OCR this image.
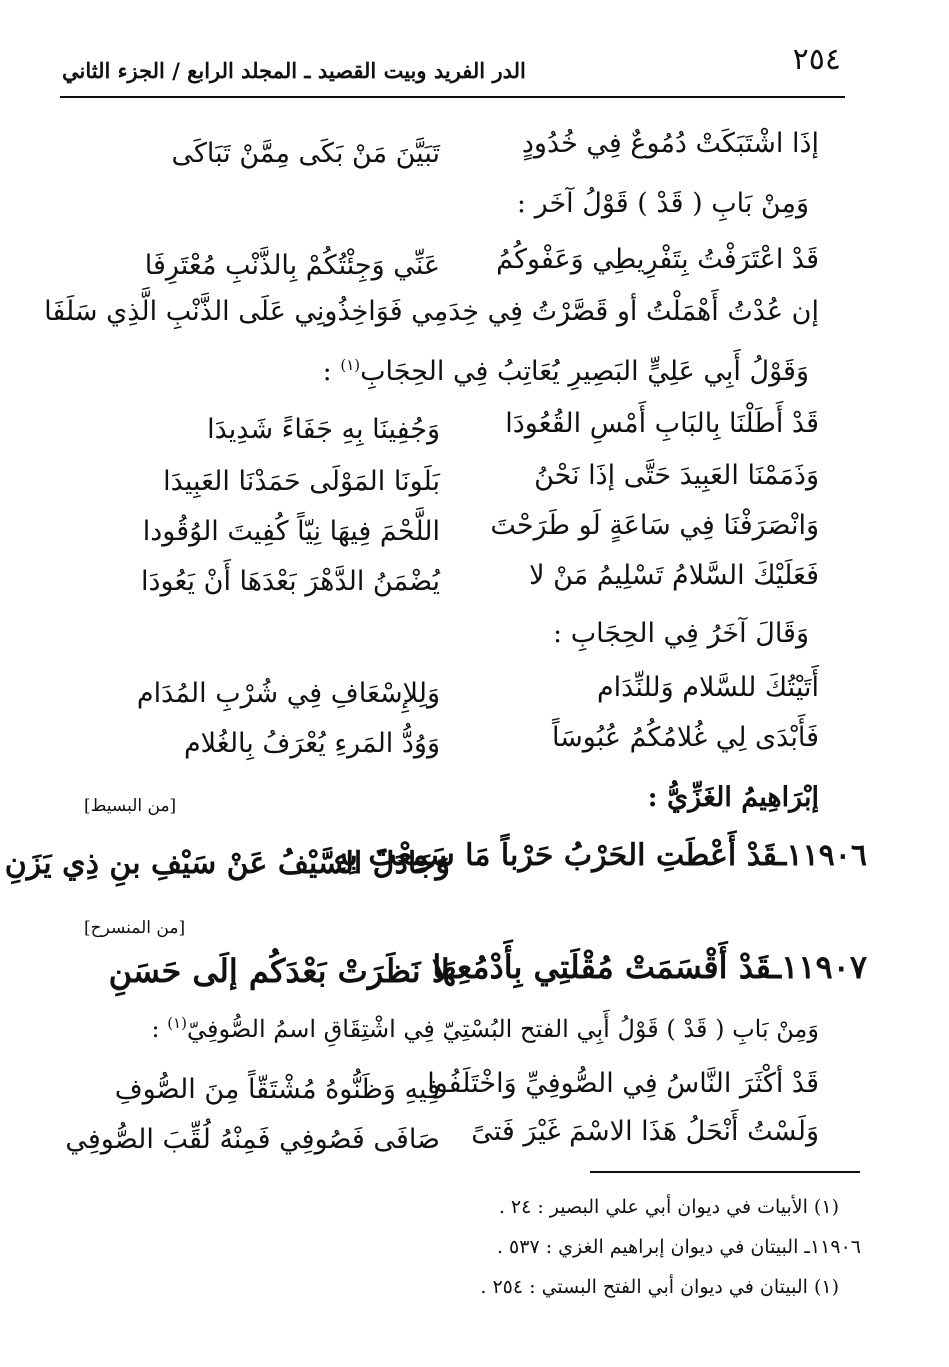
٢٥٤
الدر الفريد وبيت القصيد ـ المجلد الرابع / الجزء الثاني
إذَا اشْتَبَكَتْ دُمُوعٌ فِي خُدُودٍ
تَبَيَّنَ مَنْ بَكَى مِمَّنْ تَبَاكَى
وَمِنْ بَابِ ( قَدْ ) قَوْلُ آخَر :
قَدْ اعْتَرَفْتُ بِتَفْرِيطِي وَعَفْوكُمُ
عَنِّي وَجِئْتُكُمْ بِالذَّنْبِ مُعْتَرِفَا
إن عُدْتُ أَهْمَلْتُ أو قَصَّرْتُ فِي خِدَمِي فَوَاخِذُونِي عَلَى الذَّنْبِ الَّذِي سَلَفَا
وَقَوْلُ أَبِي عَلِيٍّ البَصِيرِ يُعَاتِبُ فِي الحِجَابِ$^{(١)}$ :
قَدْ أَطَلْنَا بِالبَابِ أَمْسِ القُعُودَا
وَجُفِينَا بِهِ جَفَاءً شَدِيدَا
وَذَمَمْنَا العَبِيدَ حَتَّى إذَا نَحْنُ
بَلَونَا المَوْلَى حَمَدْنَا العَبِيدَا
وَانْصَرَفْنَا فِي سَاعَةٍ لَو طَرَحْتَ
اللَّحْمَ فِيهَا نِيّاً كُفِيتَ الوُقُودا
فَعَلَيْكَ السَّلامُ تَسْلِيمُ مَنْ لا
يُضْمَنُ الدَّهْرَ بَعْدَهَا أَنْ يَعُودَا
وَقَالَ آخَرُ فِي الحِجَابِ :
أَتَيْتُكَ للسَّلام وَللنِّدَام
وَلِلإِسْعَافِ فِي شُرْبِ المُدَام
فَأَبْدَى لِي غُلامُكُمُ عُبُوسَاً
وَوُدُّ المَرءِ يُعْرَفُ بِالغُلام
إبْرَاهِيمُ الغَزِّيُّ :
[من البسيط]
١١٩٠٦ـقَدْ أَعْطَتِ الحَرْبُ حَرْباً مَا سَمِعْتَ بِهِ
وَجَادَلَ السَّيْفُ عَنْ سَيْفِ بنِ ذِي يَزَنِ
[من المنسرح]
١١٩٠٧ـقَدْ أَقْسَمَتْ مُقْلَتِي بِأَدْمُعِهَا
لا نَظَرَتْ بَعْدَكُم إلَى حَسَنِ
وَمِنْ بَابِ ( قَدْ ) قَوْلُ أَبِي الفتح البُسْتِيّ فِي اشْتِقَاقِ اسمُ الصُّوفِيّ$^{(١)}$ :
قَدْ أكْثَرَ النَّاسُ فِي الصُّوفِيِّ وَاخْتَلَفُوا
فِيهِ وَظَنُّوهُ مُشْتَقّاً مِنَ الصُّوفِ
وَلَسْتُ أَنْحَلُ هَذَا الاسْمَ غَيْرَ فَتىً
صَافَى فَصُوفِي فَمِنْهُ لُقِّبَ الصُّوفِي
(١) الأبيات في ديوان أبي علي البصير : ٢٤ .
١١٩٠٦ـ البيتان في ديوان إبراهيم الغزي : ٥٣٧ .
(١) البيتان في ديوان أبي الفتح البستي : ٢٥٤ .
